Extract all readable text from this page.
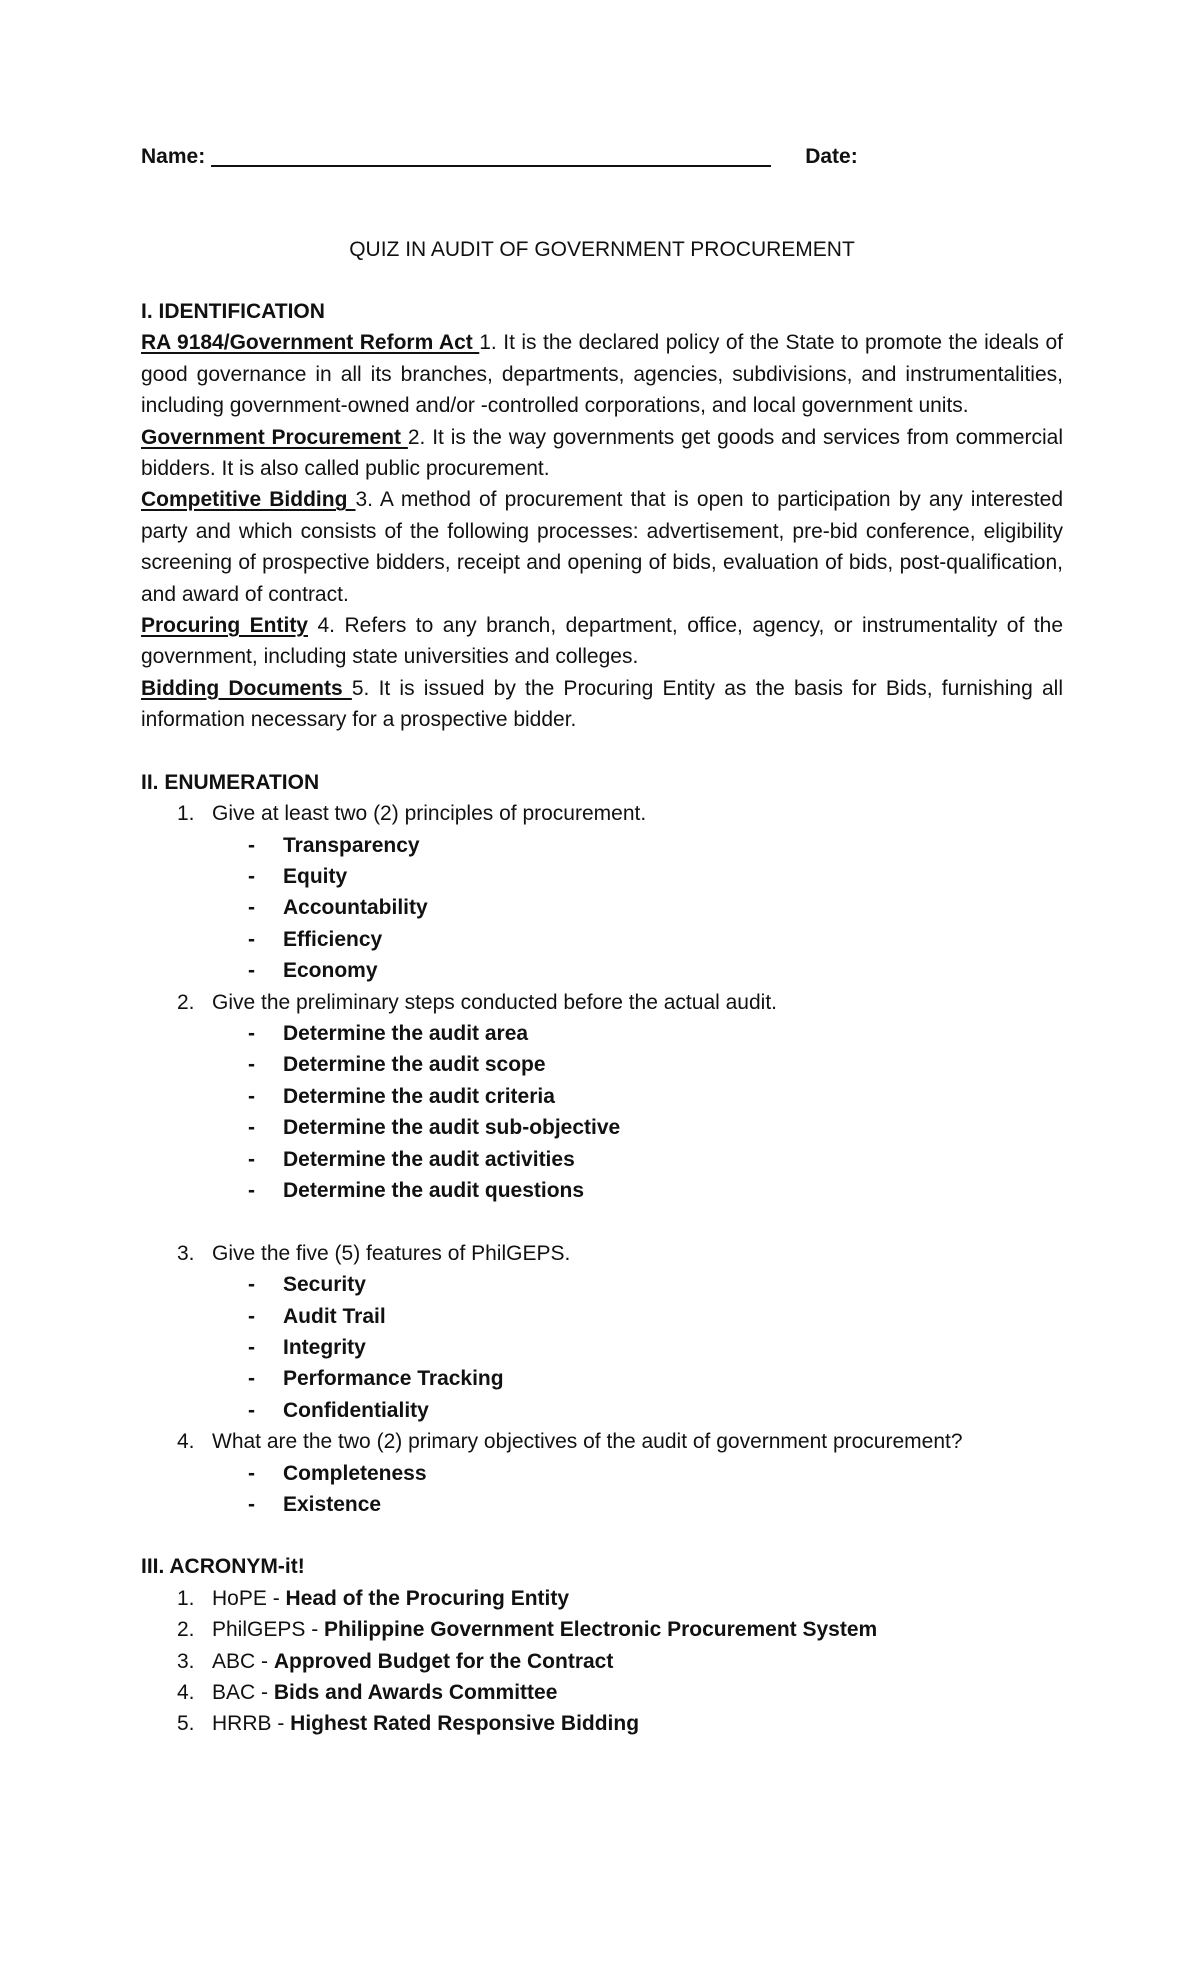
Name:	Date:
QUIZ IN AUDIT OF GOVERNMENT PROCUREMENT
I. IDENTIFICATION
RA 9184/Government Reform Act 1. It is the declared policy of the State to promote the ideals of good governance in all its branches, departments, agencies, subdivisions, and instrumentalities, including government-owned and/or -controlled corporations, and local government units.
Government Procurement 2. It is the way governments get goods and services from commercial bidders. It is also called public procurement.
Competitive Bidding 3. A method of procurement that is open to participation by any interested party and which consists of the following processes: advertisement, pre-bid conference, eligibility screening of prospective bidders, receipt and opening of bids, evaluation of bids, post-qualification, and award of contract.
Procuring Entity 4. Refers to any branch, department, office, agency, or instrumentality of the government, including state universities and colleges.
Bidding Documents 5. It is issued by the Procuring Entity as the basis for Bids, furnishing all information necessary for a prospective bidder.
II. ENUMERATION
1. Give at least two (2) principles of procurement.
- Transparency
- Equity
- Accountability
- Efficiency
- Economy
2. Give the preliminary steps conducted before the actual audit.
- Determine the audit area
- Determine the audit scope
- Determine the audit criteria
- Determine the audit sub-objective
- Determine the audit activities
- Determine the audit questions
3. Give the five (5) features of PhilGEPS.
- Security
- Audit Trail
- Integrity
- Performance Tracking
- Confidentiality
4. What are the two (2) primary objectives of the audit of government procurement?
- Completeness
- Existence
III. ACRONYM-it!
1. HoPE - Head of the Procuring Entity
2. PhilGEPS - Philippine Government Electronic Procurement System
3. ABC - Approved Budget for the Contract
4. BAC - Bids and Awards Committee
5. HRRB - Highest Rated Responsive Bidding
